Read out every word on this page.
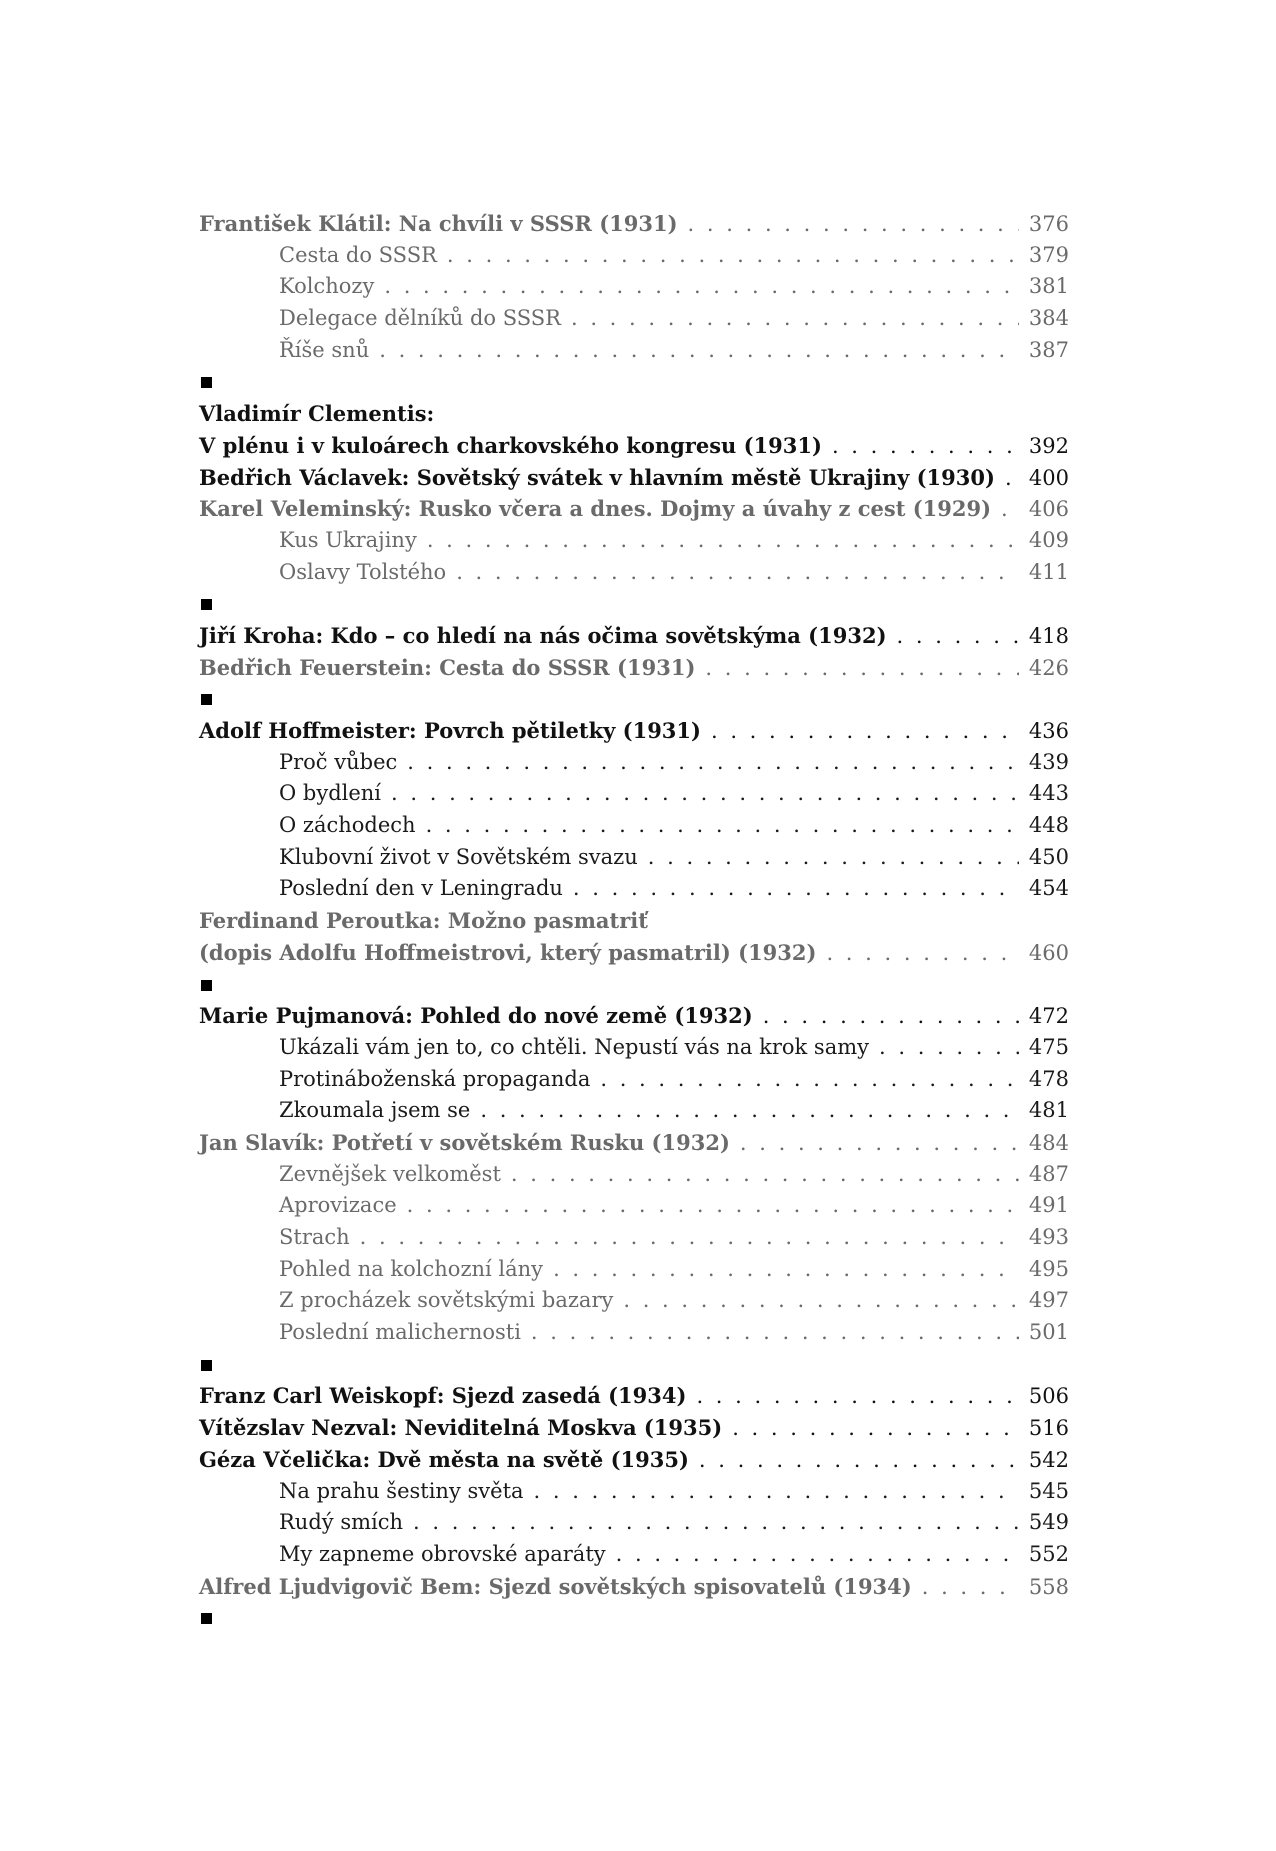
František Klátil: Na chvíli v SSSR (1931) . . .	376
Cesta do SSSR . . .	379
Kolchozy . . .	381
Delegace dělníků do SSSR . . .	384
Říše snů . . .	387
Vladimír Clementis:
V plénu i v kuloárech charkovského kongresu (1931) . . .	392
Bedřich Václavek: Sovětský svátek v hlavním městě Ukrajiny (1930) . . . 400
Karel Veleminský: Rusko včera a dnes. Dojmy a úvahy z cest (1929) . . . 406
Kus Ukrajiny . . .	409
Oslavy Tolstého . . .	411
Jiří Kroha: Kdo – co hledí na nás očima sovětskýma (1932) . . .	418
Bedřich Feuerstein: Cesta do SSSR (1931) . . .	426
Adolf Hoffmeister: Povrch pětiletky (1931) . . .	436
Proč vůbec . . .	439
O bydlení . . .	443
O záchodech . . .	448
Klubovní život v Sovětském svazu . . .	450
Poslední den v Leningradu . . .	454
Ferdinand Peroutka: Možno pasmatriť
(dopis Adolfu Hoffmeistrovi, který pasmatril) (1932) . . .	460
Marie Pujmanová: Pohled do nové země (1932) . . .	472
Ukázali vám jen to, co chtěli. Nepustí vás na krok samy . . .	475
Protináboženská propaganda . . .	478
Zkoumala jsem se . . .	481
Jan Slavík: Potřetí v sovětském Rusku (1932) . . .	484
Zevnějšek velkoměst . . .	487
Aprovizace . . .	491
Strach . . .	493
Pohled na kolchozní lány . . .	495
Z procházek sovětskými bazary . . .	497
Poslední malichernosti . . .	501
Franz Carl Weiskopf: Sjezd zasedá (1934) . . .	506
Vítězslav Nezval: Neviditelná Moskva (1935) . . .	516
Géza Včelička: Dvě města na světě (1935) . . .	542
Na prahu šestiny světa . . .	545
Rudý smích . . .	549
My zapneme obrovské aparáty . . .	552
Alfred Ljudvigovič Bem: Sjezd sovětských spisovatelů (1934) . . .	558
